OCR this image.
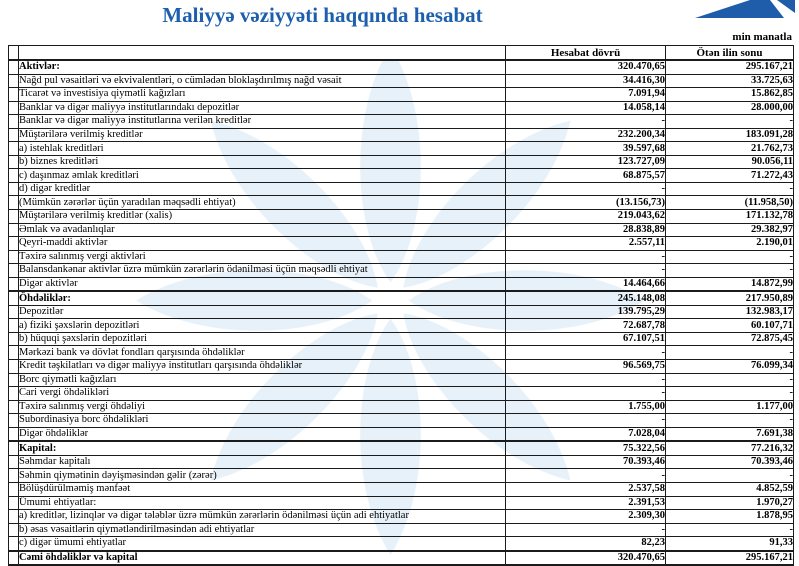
Maliyyə vəziyyəti haqqında hesabat
min manatla
		Hesabat dövrü	Ötən ilin sonu
	Aktivlər:	320.470,65	295.167,21
	Nağd pul vəsaitləri və ekvivalentləri, o cümlədən bloklaşdırılmış nağd vəsait	34.416,30	33.725,63
	Ticarət və investisiya qiymətli kağızları	7.091,94	15.862,85
	Banklar və digər maliyyə institutlarındakı depozitlər	14.058,14	28.000,00
	Banklar və digər maliyyə institutlarına verilən kreditlər	-	-
	Müştərilərə verilmiş kreditlər	232.200,34	183.091,28
	a) istehlak kreditləri	39.597,68	21.762,73
	b) biznes kreditləri	123.727,09	90.056,11
	c) daşınmaz əmlak kreditləri	68.875,57	71.272,43
	d) digər kreditlər	-	-
	(Mümkün zərərlər üçün yaradılan məqsədli ehtiyat)	(13.156,73)	(11.958,50)
	Müştərilərə verilmiş kreditlər (xalis)	219.043,62	171.132,78
	Əmlak və avadanlıqlar	28.838,89	29.382,97
	Qeyri-maddi aktivlər	2.557,11	2.190,01
	Təxirə salınmış vergi aktivləri	-	-
	Balansdankənar aktivlər üzrə mümkün zərərlərin ödənilməsi üçün məqsədli ehtiyat	-	-
	Digər aktivlər	14.464,66	14.872,99
	Öhdəliklər:	245.148,08	217.950,89
	Depozitlər	139.795,29	132.983,17
	a) fiziki şəxslərin depozitləri	72.687,78	60.107,71
	b) hüquqi şəxslərin depozitləri	67.107,51	72.875,45
	Mərkəzi bank və dövlət fondları qarşısında öhdəliklər	-	-
	Kredit təşkilatları və digər maliyyə institutları qarşısında öhdəliklər	96.569,75	76.099,34
	Borc qiymətli kağızları	-	-
	Cari vergi öhdəlikləri	-	-
	Təxirə salınmış vergi öhdəliyi	1.755,00	1.177,00
	Subordinasiya borc öhdəlikləri	-	-
	Digər öhdəliklər	7.028,04	7.691,38
	Kapital:	75.322,56	77.216,32
	Səhmdar kapitalı	70.393,46	70.393,46
	Səhmin qiymətinin dəyişməsindən gəlir (zərər)	-	-
	Bölüşdürülməmiş mənfəət	2.537,58	4.852,59
	Ümumi ehtiyatlar:	2.391,53	1.970,27
	a) kreditlər, lizinqlər və digər tələblər üzrə mümkün zərərlərin ödənilməsi üçün adi ehtiyatlar	2.309,30	1.878,95
	b) əsas vəsaitlərin qiymətləndirilməsindən adi ehtiyatlar	-	-
	c) digər ümumi ehtiyatlar	82,23	91,33
	Cəmi öhdəliklər və kapital	320.470,65	295.167,21
